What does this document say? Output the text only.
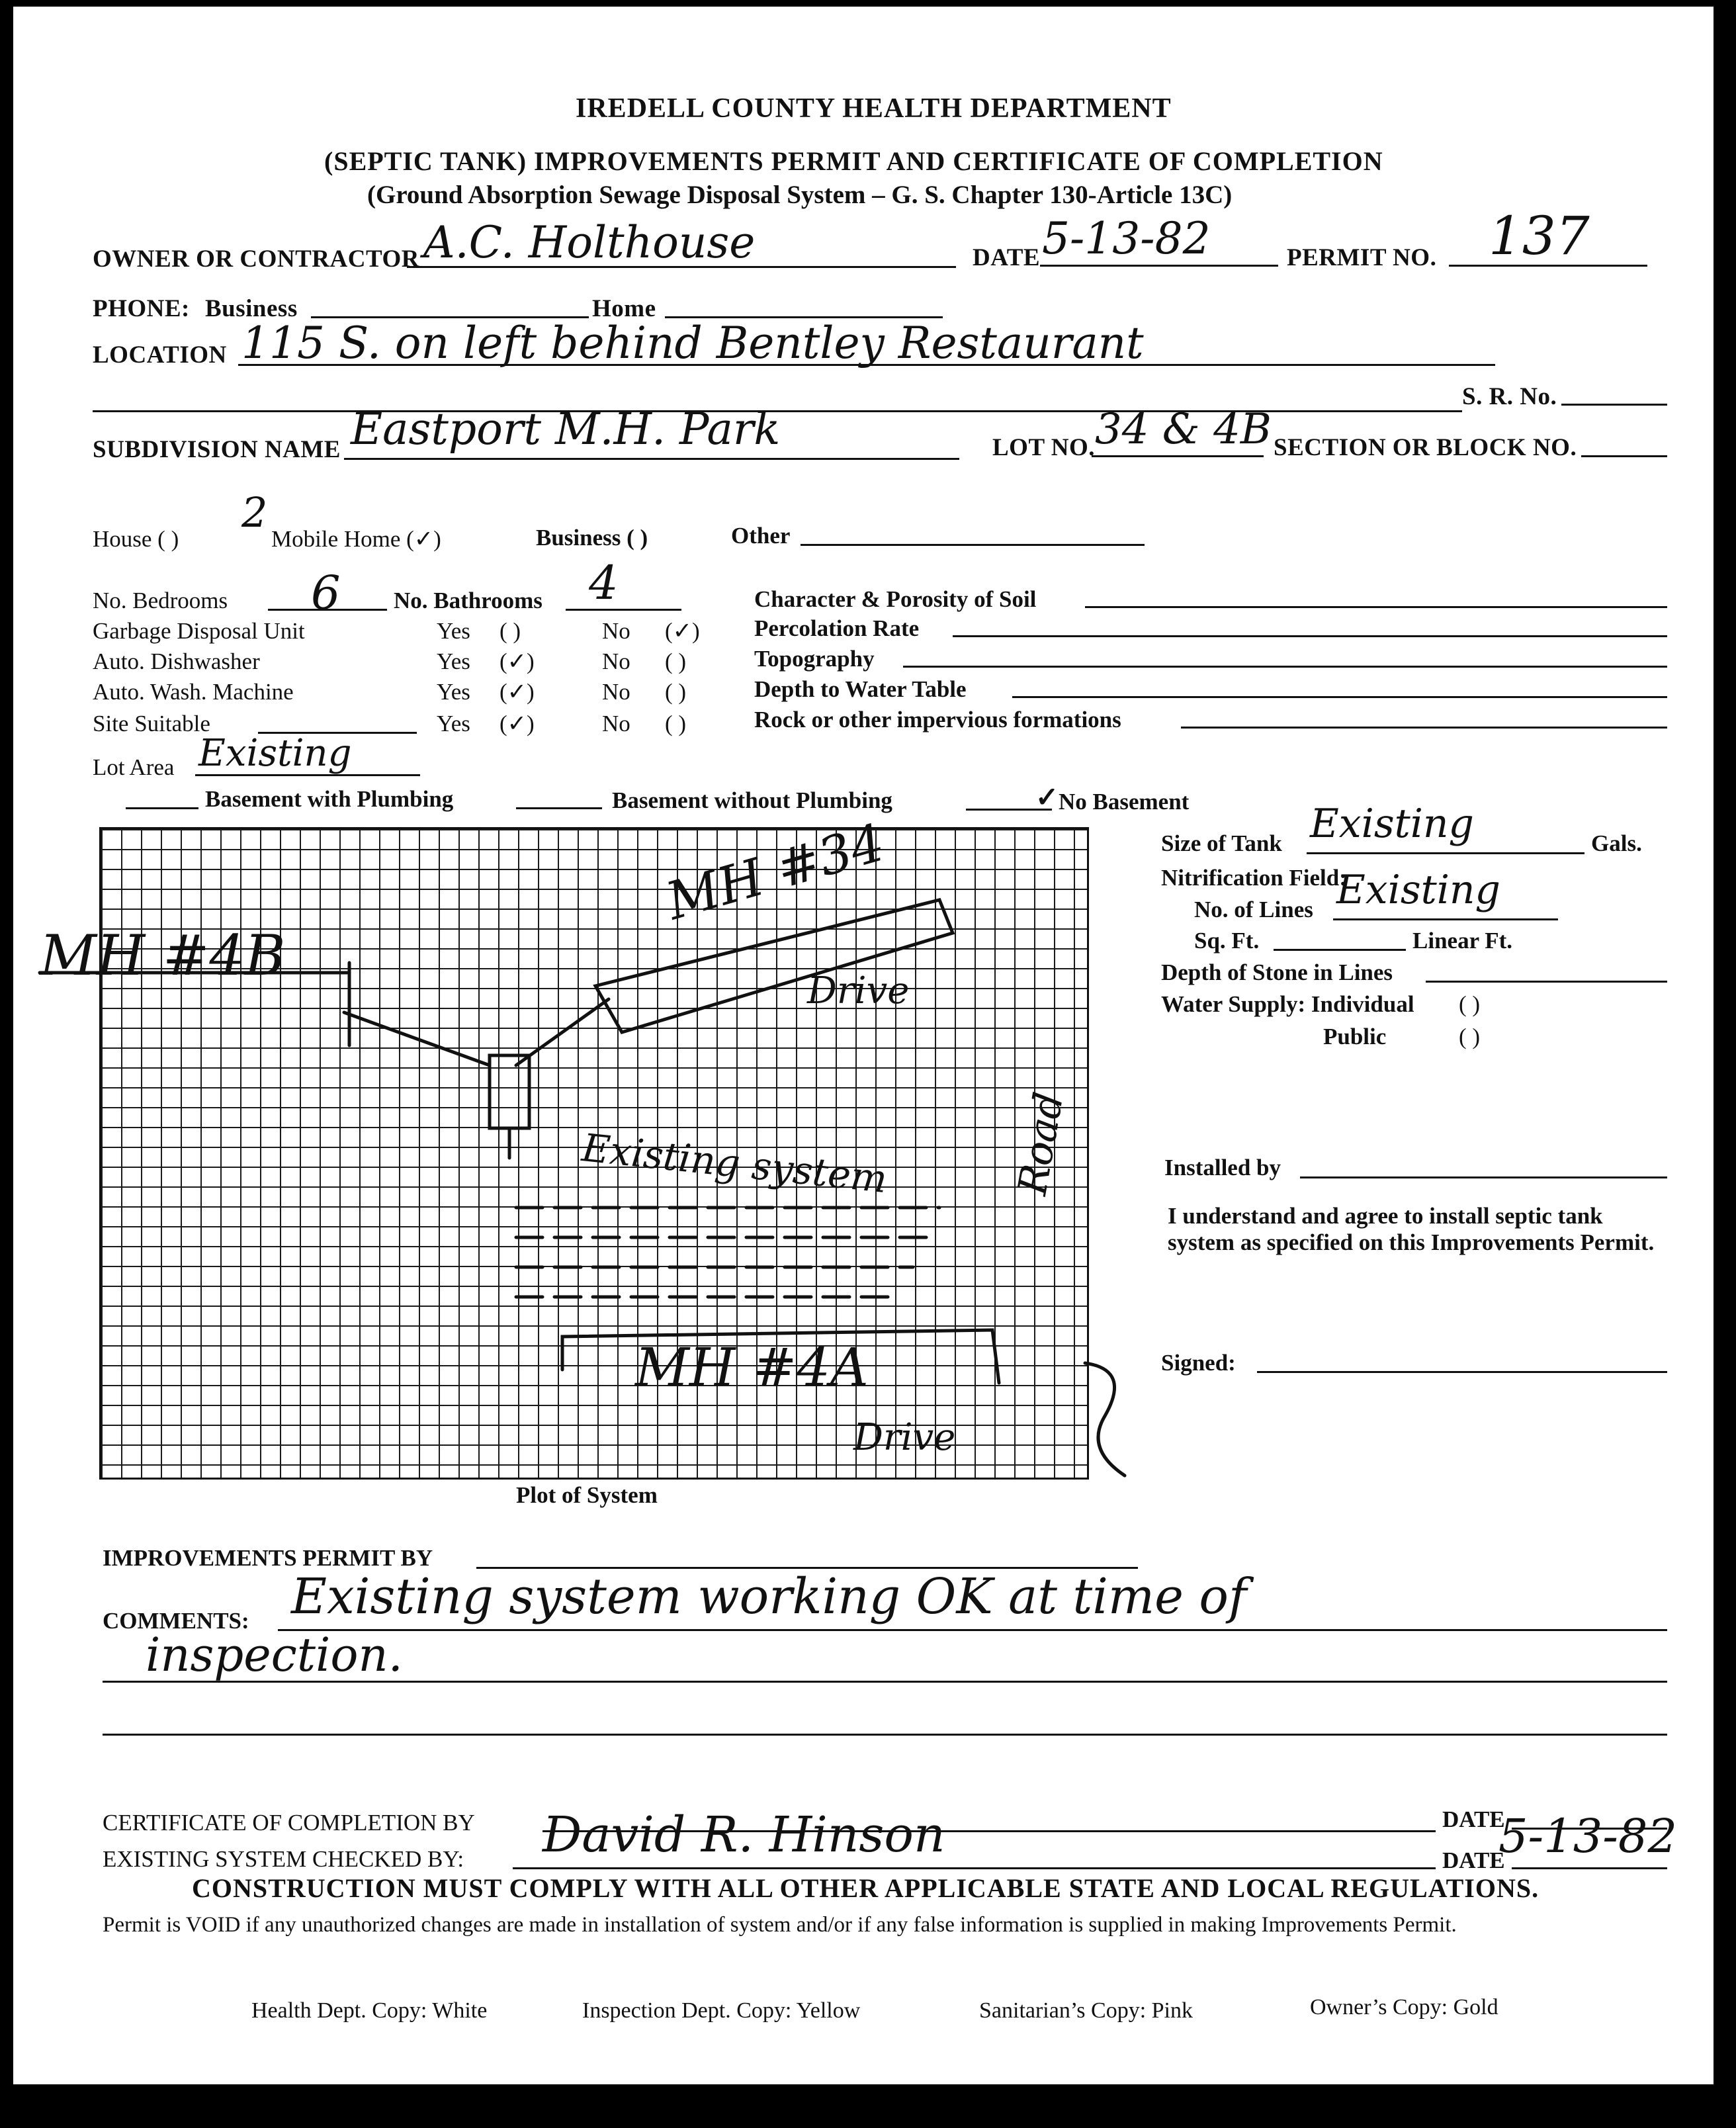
IREDELL COUNTY HEALTH DEPARTMENT
(SEPTIC TANK) IMPROVEMENTS PERMIT AND CERTIFICATE OF COMPLETION
(Ground Absorption Sewage Disposal System – G. S. Chapter 130-Article 13C)
OWNER OR CONTRACTOR A.C. Holthouse	DATE 5-13-82	PERMIT NO. 137
PHONE: Business	Home
LOCATION 115 S. on left behind Bentley Restaurant
S. R. No.
SUBDIVISION NAME Eastport M.H. Park	LOT NO. 34 & 4B SECTION OR BLOCK NO.
House ( )
2
Mobile Home (✓)	Business ( )	Other
No. Bedrooms 6 No. Bathrooms 4
Garbage Disposal Unit	Yes ( )	No (✓)
Auto. Dishwasher	Yes (✓)	No ( )
Auto. Wash. Machine	Yes (✓)	No ( )
Site Suitable	Yes (✓)	No ( )
Character & Porosity of Soil
Percolation Rate
Topography
Depth to Water Table
Rock or other impervious formations
Lot Area Existing
Basement with Plumbing	Basement without Plumbing	✓ No Basement
MH #4B
MH #34
Drive
Existing system
MH #4A
Drive
Road
Plot of System
Size of Tank Existing	Gals.
Nitrification Field:
No. of Lines Existing
Sq. Ft.	Linear Ft.
Depth of Stone in Lines
Water Supply: Individual ( )
Public	( )
Installed by
I understand and agree to install septic tank system as specified on this Improvements Permit.
Signed:
IMPROVEMENTS PERMIT BY
COMMENTS: Existing system working OK at time of
inspection.
CERTIFICATE OF COMPLETION BY	DATE
EXISTING SYSTEM CHECKED BY: David R. Hinson	DATE
5-13-82
CONSTRUCTION MUST COMPLY WITH ALL OTHER APPLICABLE STATE AND LOCAL REGULATIONS.
Permit is VOID if any unauthorized changes are made in installation of system and/or if any false information is supplied in making Improvements Permit.
Health Dept. Copy: White	Inspection Dept. Copy: Yellow	Sanitarian’s Copy: Pink	Owner’s Copy: Gold
